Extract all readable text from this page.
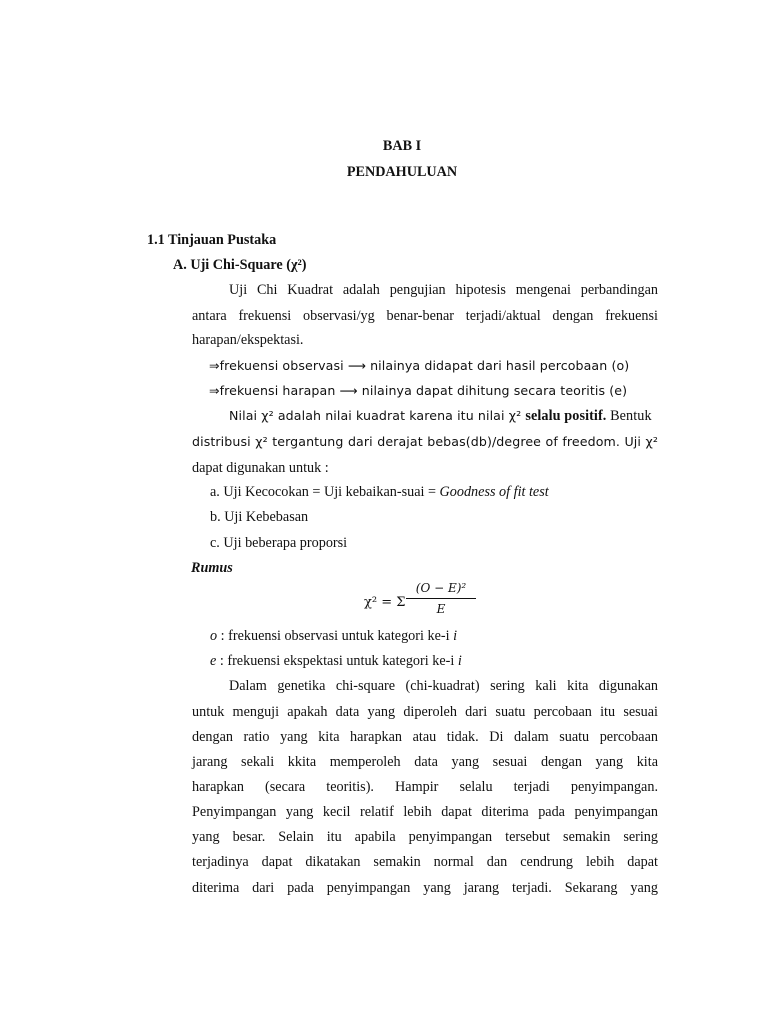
BAB I
PENDAHULUAN
1.1 Tinjauan Pustaka
A. Uji Chi-Square (χ²)
Uji Chi Kuadrat adalah pengujian hipotesis mengenai perbandingan
antara frekuensi observasi/yg benar-benar terjadi/aktual dengan frekuensi
harapan/ekspektasi.
⇒frekuensi observasi ⟶ nilainya didapat dari hasil percobaan (o)
⇒frekuensi harapan ⟶ nilainya dapat dihitung secara teoritis (e)
Nilai χ² adalah nilai kuadrat karena itu nilai χ² selalu positif. Bentuk
distribusi χ² tergantung dari derajat bebas(db)/degree of freedom. Uji χ²
dapat digunakan untuk :
a. Uji Kecocokan = Uji kebaikan-suai = Goodness of fit test
b. Uji Kebebasan
c. Uji beberapa proporsi
Rumus
χ² = Σ
(O − E)²
E
o : frekuensi observasi untuk kategori ke-i i
e : frekuensi ekspektasi untuk kategori ke-i i
Dalam genetika chi-square (chi-kuadrat) sering kali kita digunakan
untuk menguji apakah data yang diperoleh dari suatu percobaan itu sesuai
dengan ratio yang kita harapkan atau tidak. Di dalam suatu percobaan
jarang sekali kkita memperoleh data yang sesuai dengan yang kita
harapkan (secara teoritis). Hampir selalu terjadi penyimpangan.
Penyimpangan yang kecil relatif lebih dapat diterima pada penyimpangan
yang besar. Selain itu apabila penyimpangan tersebut semakin sering
terjadinya dapat dikatakan semakin normal dan cendrung lebih dapat
diterima dari pada penyimpangan yang jarang terjadi. Sekarang yang
